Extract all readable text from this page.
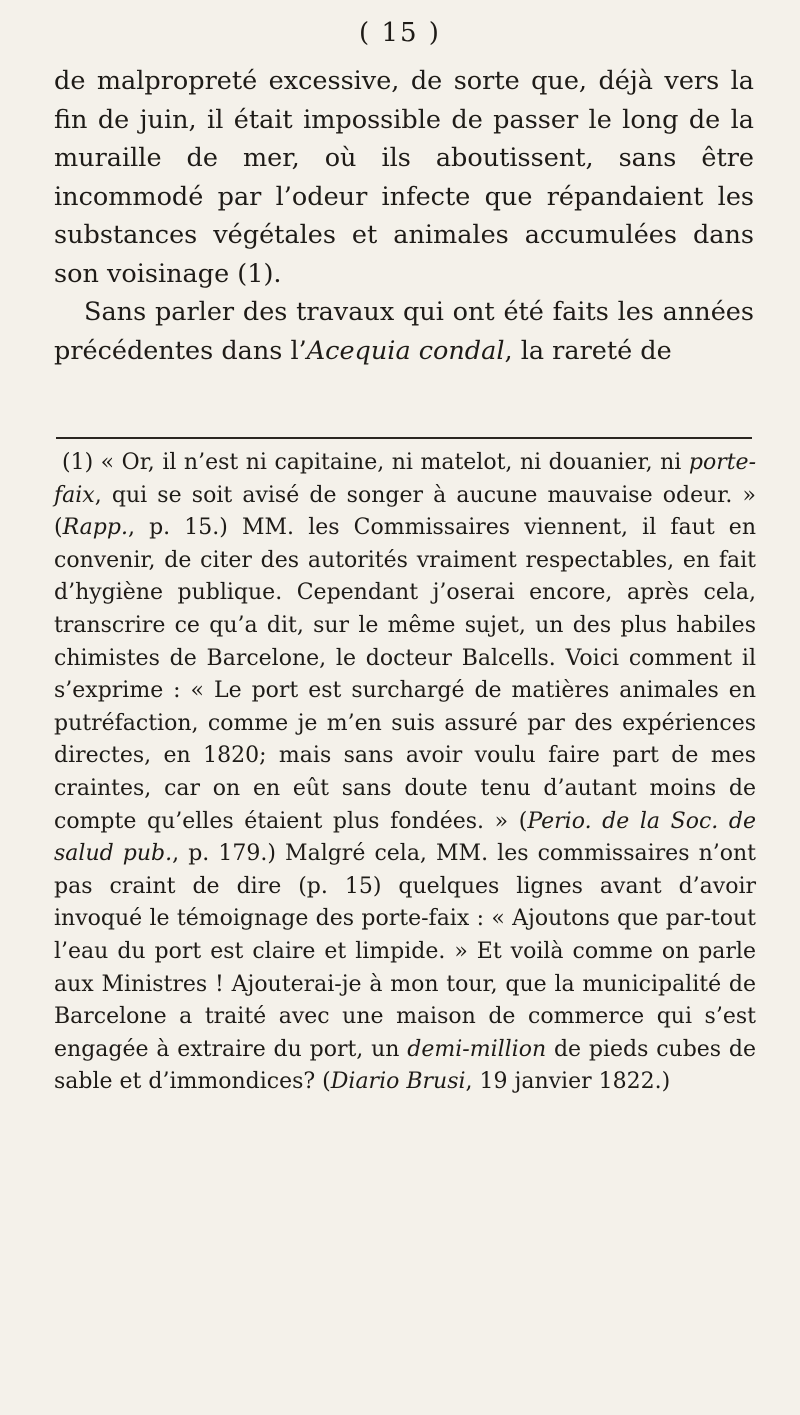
( 15 )

de malpropreté excessive, de sorte que, déjà vers la fin de juin, il était impossible de passer le long de la muraille de mer, où ils aboutissent, sans être incommodé par l’odeur infecte que répandaient les substances végétales et animales accumulées dans son voisinage (1).

Sans parler des travaux qui ont été faits les années précédentes dans l’Acequia condal, la rareté de

(1) « Or, il n’est ni capitaine, ni matelot, ni douanier, ni porte-faix, qui se soit avisé de songer à aucune mauvaise odeur. » (Rapp., p. 15.) MM. les Commissaires viennent, il faut en convenir, de citer des autorités vraiment respectables, en fait d’hygiène publique. Cependant j’oserai encore, après cela, transcrire ce qu’a dit, sur le même sujet, un des plus habiles chimistes de Barcelone, le docteur Balcells. Voici comment il s’exprime : « Le port est surchargé de matières animales en putréfaction, comme je m’en suis assuré par des expériences directes, en 1820; mais sans avoir voulu faire part de mes craintes, car on en eût sans doute tenu d’autant moins de compte qu’elles étaient plus fondées. » (Perio. de la Soc. de salud pub., p. 179.) Malgré cela, MM. les commissaires n’ont pas craint de dire (p. 15) quelques lignes avant d’avoir invoqué le témoignage des porte-faix : « Ajoutons que par-tout l’eau du port est claire et limpide. » Et voilà comme on parle aux Ministres ! Ajouterai-je à mon tour, que la municipalité de Barcelone a traité avec une maison de commerce qui s’est engagée à extraire du port, un demi-million de pieds cubes de sable et d’immondices? (Diario Brusi, 19 janvier 1822.)
